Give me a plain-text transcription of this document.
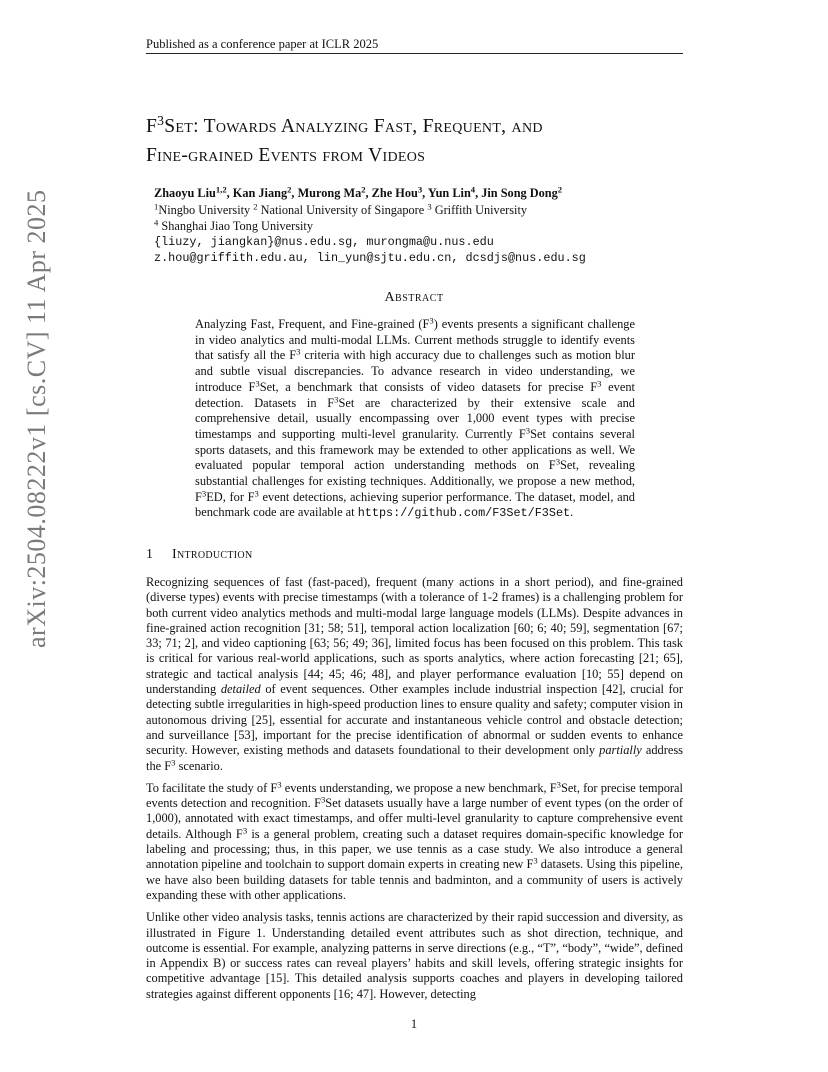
Published as a conference paper at ICLR 2025
arXiv:2504.08222v1 [cs.CV] 11 Apr 2025
$F^3Set$: Towards Analyzing Fast, Frequent, and
Fine-grained Events from Videos
Zhaoyu Liu$^{1,2}$, Kan Jiang$^2$, Murong Ma$^2$, Zhe Hou$^3$, Yun Lin$^4$, Jin Song Dong$^2$
$^1$Ningbo University $^2$ National University of Singapore $^3$ Griffith University
$^4$ Shanghai Jiao Tong University
{liuzy, jiangkan}@nus.edu.sg, murongma@u.nus.edu
z.hou@griffith.edu.au, lin_yun@sjtu.edu.cn, dcsdjs@nus.edu.sg
Abstract
Analyzing Fast, Frequent, and Fine-grained $(F^3)$ events presents a significant challenge in video analytics and multi-modal LLMs. Current methods struggle to identify events that satisfy all the $F^3$ criteria with high accuracy due to challenges such as motion blur and subtle visual discrepancies. To advance research in video understanding, we introduce $F^3Set$, a benchmark that consists of video datasets for precise $F^3$ event detection. Datasets in $F^3Set$ are characterized by their extensive scale and comprehensive detail, usually encompassing over 1,000 event types with precise timestamps and supporting multi-level granularity. Currently $F^3Set$ contains several sports datasets, and this framework may be extended to other applications as well. We evaluated popular temporal action understanding methods on $F^3Set$, revealing substantial challenges for existing techniques. Additionally, we propose a new method, $F^3ED$, for $F^3$ event detections, achieving superior performance. The dataset, model, and benchmark code are available at https://github.com/F3Set/F3Set.
1 Introduction

Recognizing sequences of fast (fast-paced), frequent (many actions in a short period), and fine-grained (diverse types) events with precise timestamps (with a tolerance of 1-2 frames) is a challenging problem for both current video analytics methods and multi-modal large language models (LLMs). Despite advances in fine-grained action recognition [31; 58; 51], temporal action localization [60; 6; 40; 59], segmentation [67; 33; 71; 2], and video captioning [63; 56; 49; 36], limited focus has been focused on this problem. This task is critical for various real-world applications, such as sports analytics, where action forecasting [21; 65], strategic and tactical analysis [44; 45; 46; 48], and player performance evaluation [10; 55] depend on understanding detailed of event sequences. Other examples include industrial inspection [42], crucial for detecting subtle irregularities in high-speed production lines to ensure quality and safety; computer vision in autonomous driving [25], essential for accurate and instantaneous vehicle control and obstacle detection; and surveillance [53], important for the precise identification of abnormal or sudden events to enhance security. However, existing methods and datasets foundational to their development only partially address the $F^3$ scenario.

To facilitate the study of $F^3$ events understanding, we propose a new benchmark, $F^3Set$, for precise temporal events detection and recognition. $F^3Set$ datasets usually have a large number of event types (on the order of 1,000), annotated with exact timestamps, and offer multi-level granularity to capture comprehensive event details. Although $F^3$ is a general problem, creating such a dataset requires domain-specific knowledge for labeling and processing; thus, in this paper, we use tennis as a case study. We also introduce a general annotation pipeline and toolchain to support domain experts in creating new $F^3$ datasets. Using this pipeline, we have also been building datasets for table tennis and badminton, and a community of users is actively expanding these with other applications.

Unlike other video analysis tasks, tennis actions are characterized by their rapid succession and diversity, as illustrated in Figure 1. Understanding detailed event attributes such as shot direction, technique, and outcome is essential. For example, analyzing patterns in serve directions (e.g., “T”, “body”, “wide”, defined in Appendix B) or success rates can reveal players’ habits and skill levels, offering strategic insights for competitive advantage [15]. This detailed analysis supports coaches and players in developing tailored strategies against different opponents [16; 47]. However, detecting

1
